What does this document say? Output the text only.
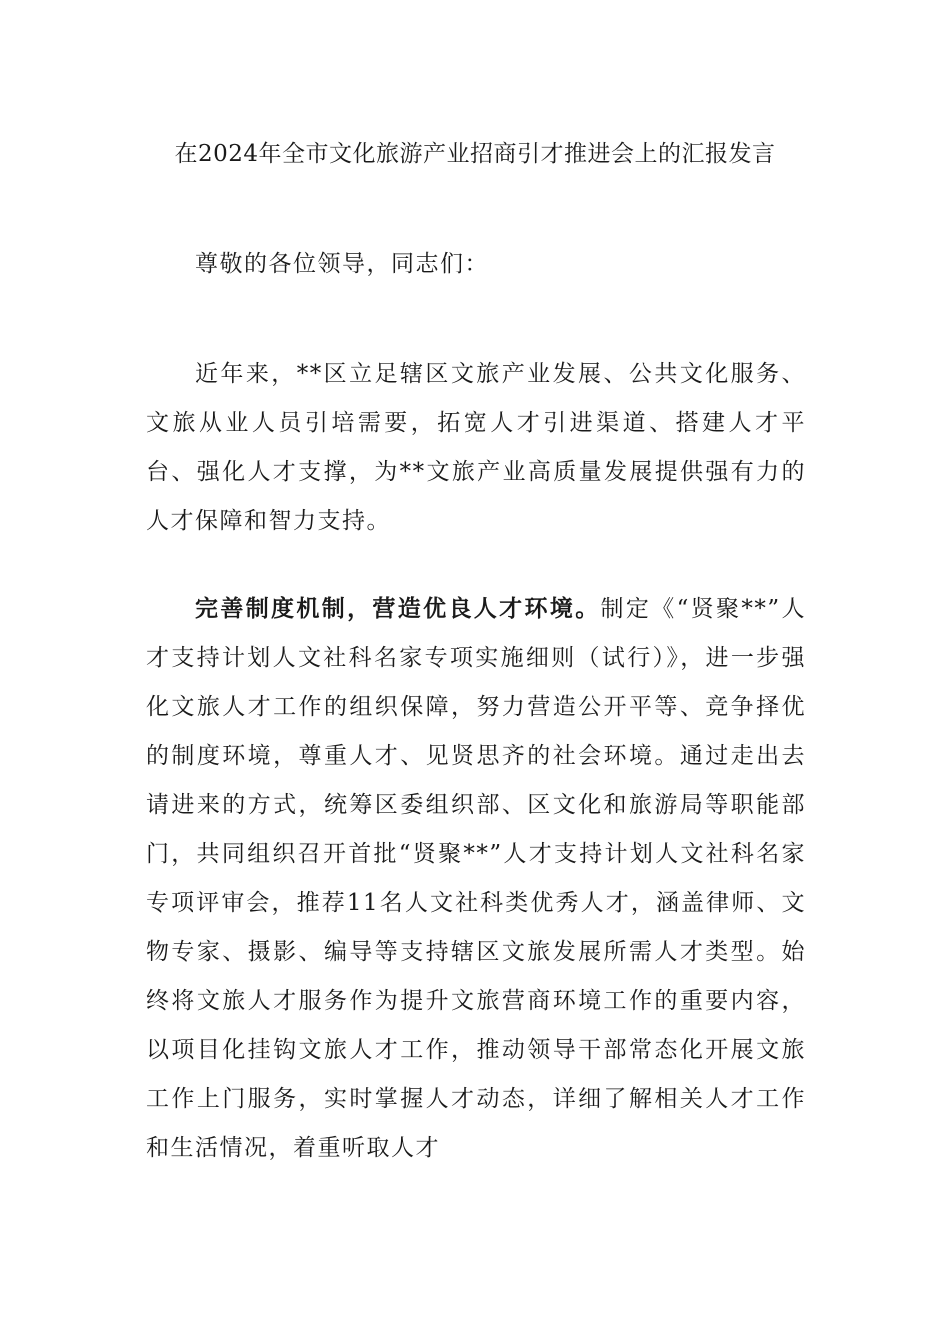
在2024年全市文化旅游产业招商引才推进会上的汇报发言

尊敬的各位领导，同志们：

近年来，**区立足辖区文旅产业发展、公共文化服务、文旅从业人员引培需要，拓宽人才引进渠道、搭建人才平台、强化人才支撑，为**文旅产业高质量发展提供强有力的人才保障和智力支持。

完善制度机制，营造优良人才环境。制定《“贤聚**”人才支持计划人文社科名家专项实施细则（试行）》，进一步强化文旅人才工作的组织保障，努力营造公开平等、竞争择优的制度环境，尊重人才、见贤思齐的社会环境。通过走出去请进来的方式，统筹区委组织部、区文化和旅游局等职能部门，共同组织召开首批“贤聚**”人才支持计划人文社科名家专项评审会，推荐11名人文社科类优秀人才，涵盖律师、文物专家、摄影、编导等支持辖区文旅发展所需人才类型。始终将文旅人才服务作为提升文旅营商环境工作的重要内容，以项目化挂钩文旅人才工作，推动领导干部常态化开展文旅工作上门服务，实时掌握人才动态，详细了解相关人才工作和生活情况，着重听取人才
